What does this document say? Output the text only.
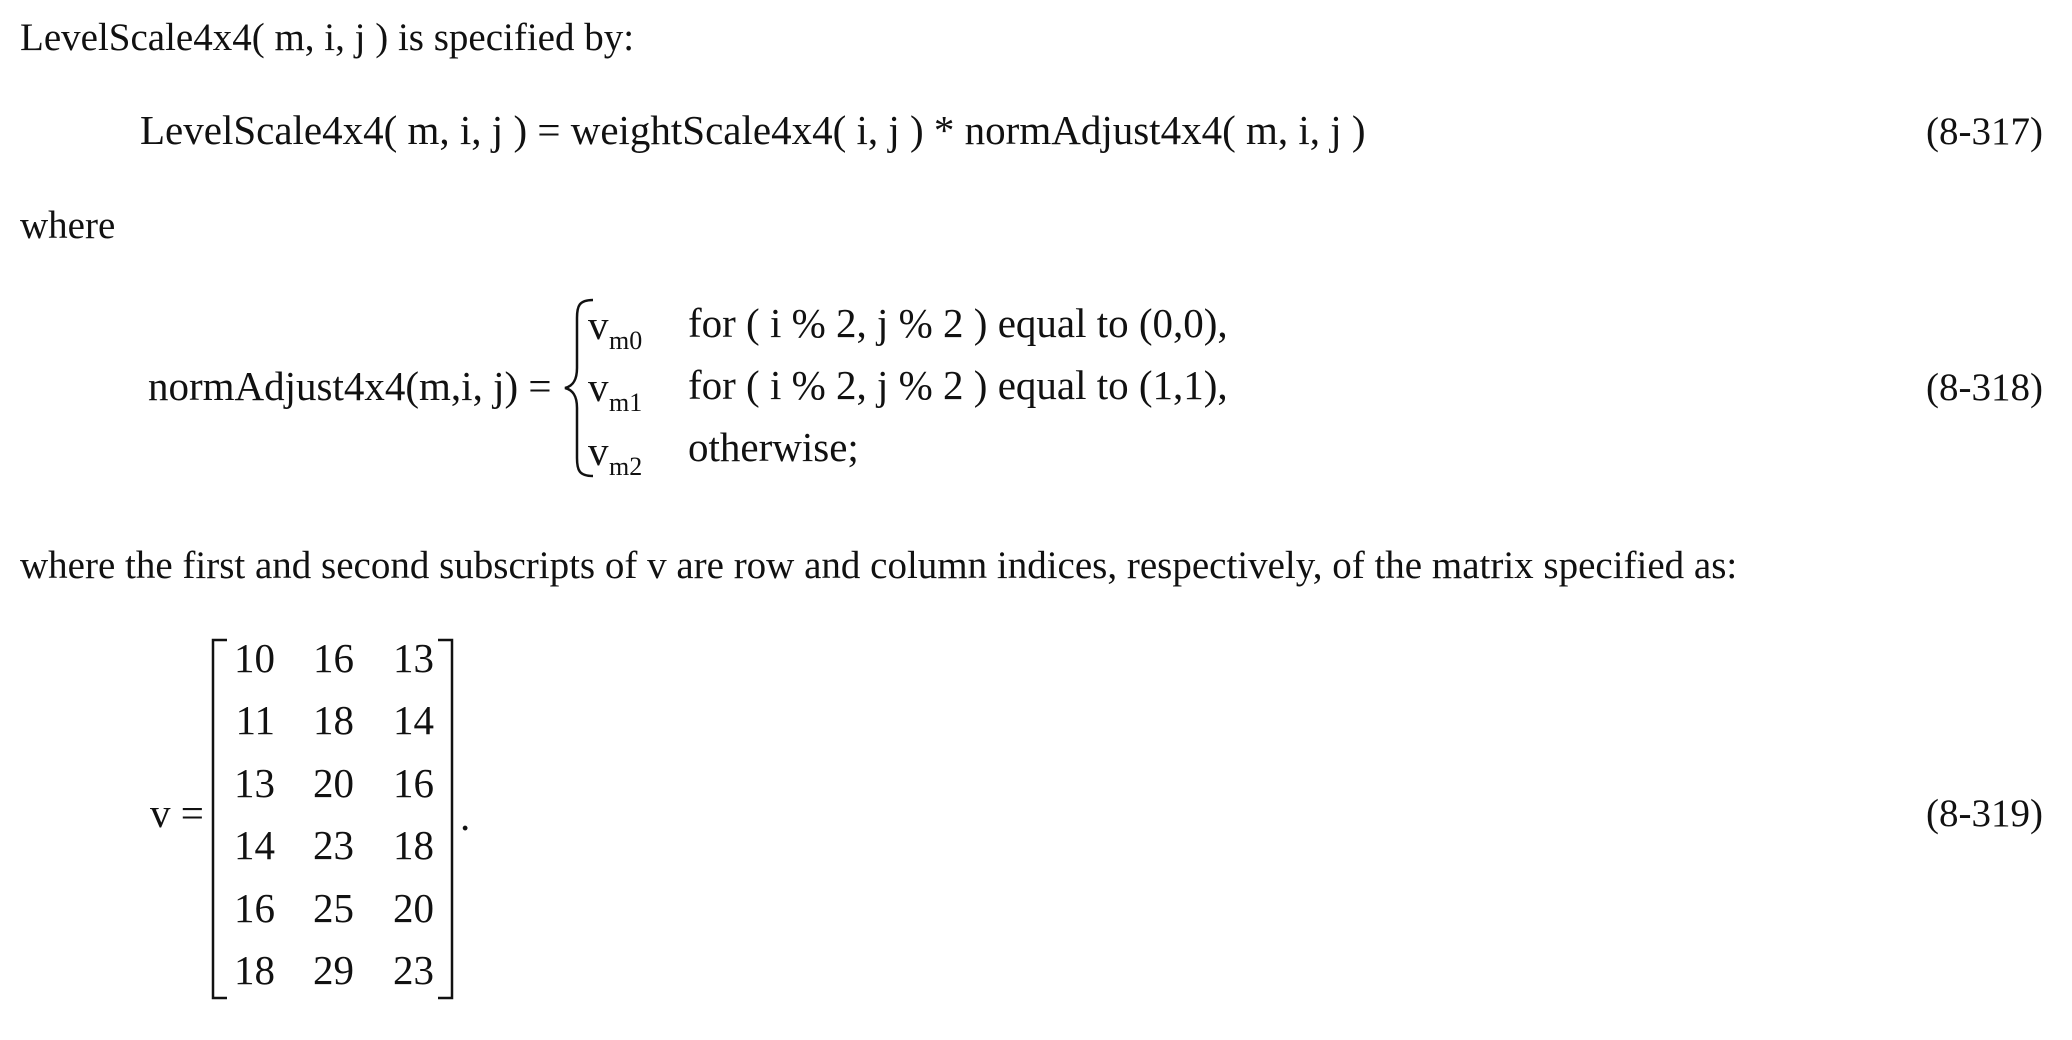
LevelScale4x4( m, i, j ) is specified by:
LevelScale4x4( m, i, j ) = weightScale4x4( i, j ) * normAdjust4x4( m, i, j )	(8-317)
where
normAdjust4x4(m,i, j) =
v m0 for ( i % 2, j % 2 ) equal to (0,0),
v m1 for ( i % 2, j % 2 ) equal to (1,1),
v m2 otherwise;
(8-318)
where the first and second subscripts of v are row and column indices, respectively, of the matrix specified as:
v =
10 16 13
11 18 14
13 20 16
14 23 18
16 25 20
18 29 23
.	(8-319)
